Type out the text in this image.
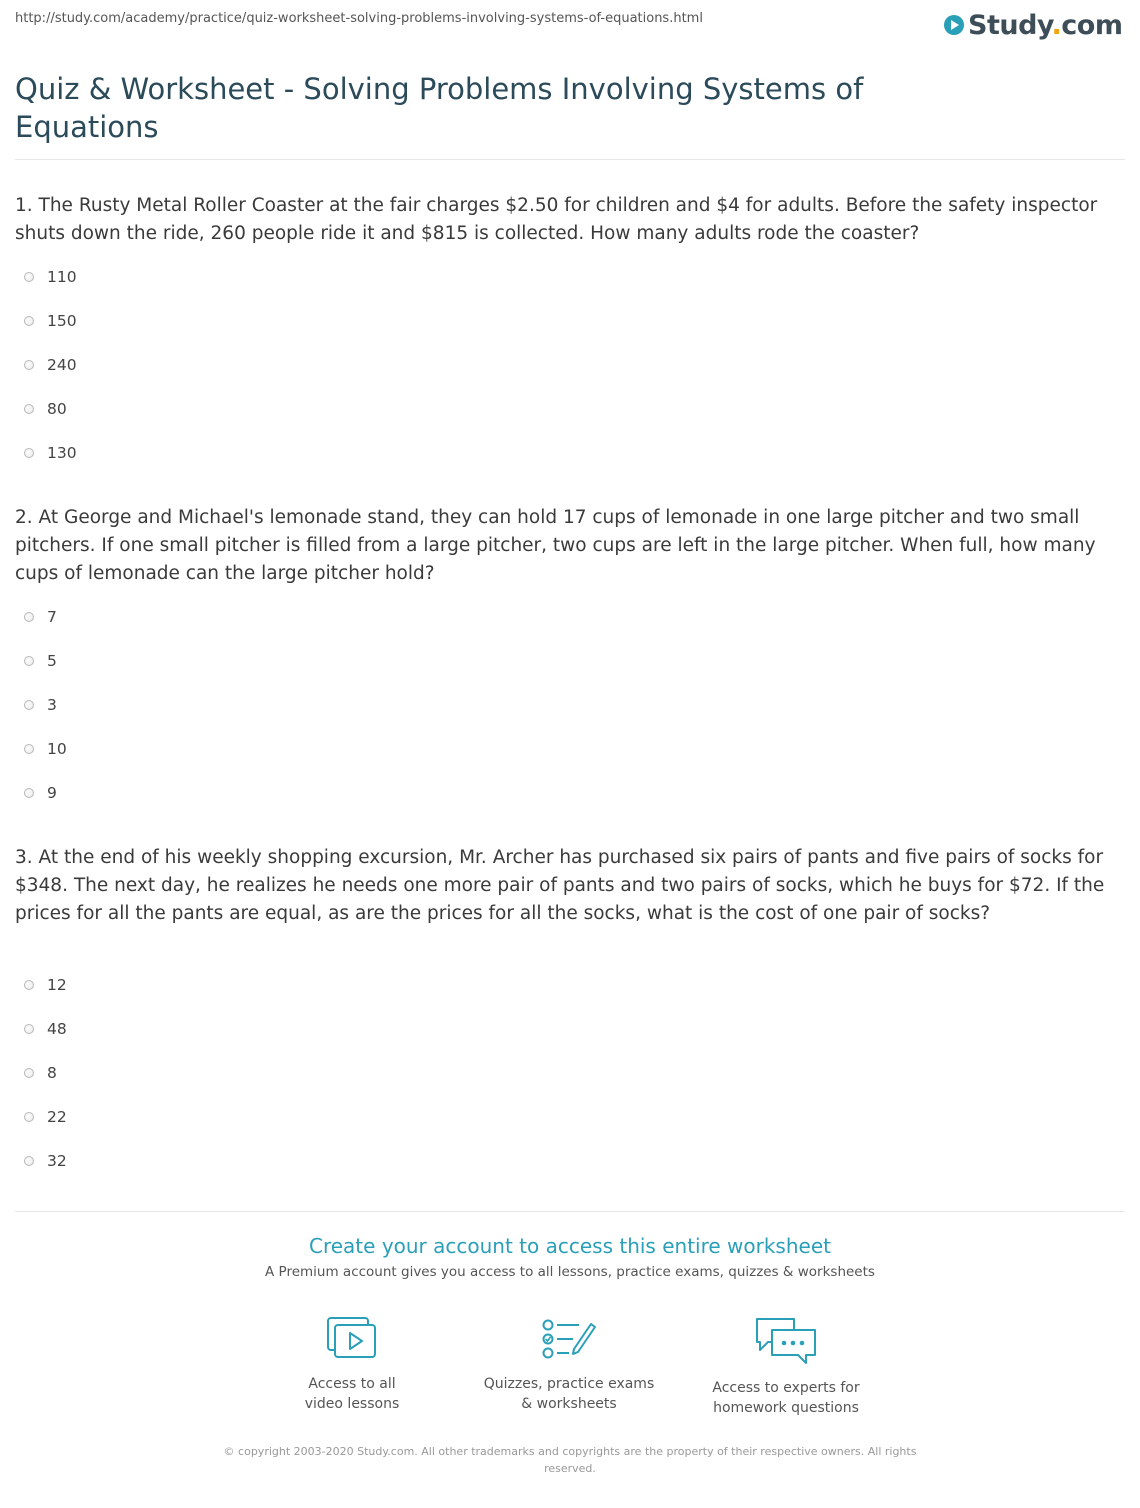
http://study.com/academy/practice/quiz-worksheet-solving-problems-involving-systems-of-equations.html	Study.com
Quiz & Worksheet - Solving Problems Involving Systems of Equations

1. The Rusty Metal Roller Coaster at the fair charges $2.50 for children and $4 for adults. Before the safety inspector shuts down the ride, 260 people ride it and $815 is collected. How many adults rode the coaster?

110
150
240
80
130

2. At George and Michael's lemonade stand, they can hold 17 cups of lemonade in one large pitcher and two small pitchers. If one small pitcher is filled from a large pitcher, two cups are left in the large pitcher. When full, how many cups of lemonade can the large pitcher hold?

7
5
3
10
9

3. At the end of his weekly shopping excursion, Mr. Archer has purchased six pairs of pants and five pairs of socks for $348. The next day, he realizes he needs one more pair of pants and two pairs of socks, which he buys for $72. If the prices for all the pants are equal, as are the prices for all the socks, what is the cost of one pair of socks?

12
48
8
22
32
Create your account to access this entire worksheet
A Premium account gives you access to all lessons, practice exams, quizzes & worksheets
Access to all
video lessons
Quizzes, practice exams
& worksheets
Access to experts for
homework questions
© copyright 2003-2020 Study.com. All other trademarks and copyrights are the property of their respective owners. All rights reserved.
